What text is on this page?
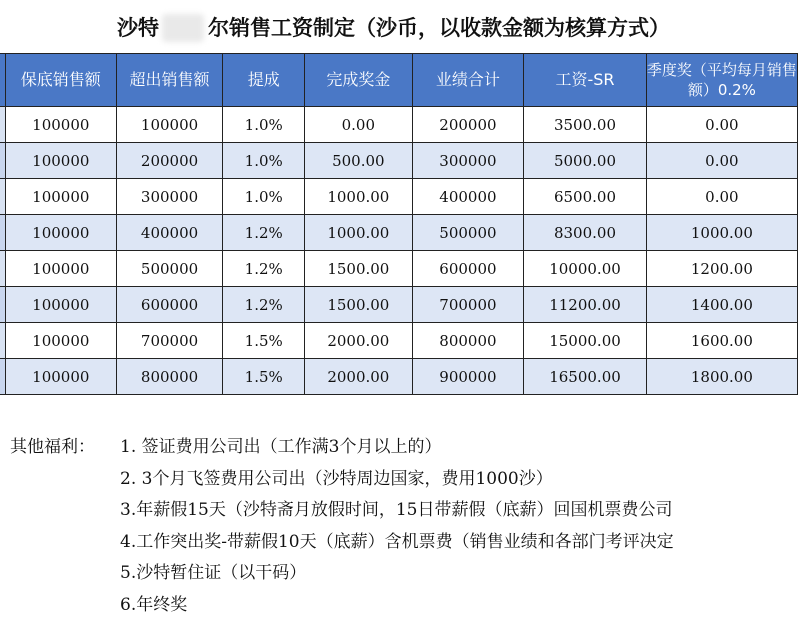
沙特 尔销售工资制定（沙币，以收款金额为核算方式）
	保底销售额	超出销售额	提成	完成奖金	业绩合计	工资-SR	季度奖（平均每月销售额）0.2%
	100000	100000	1.0%	0.00	200000	3500.00	0.00
	100000	200000	1.0%	500.00	300000	5000.00	0.00
	100000	300000	1.0%	1000.00	400000	6500.00	0.00
	100000	400000	1.2%	1000.00	500000	8300.00	1000.00
	100000	500000	1.2%	1500.00	600000	10000.00	1200.00
	100000	600000	1.2%	1500.00	700000	11200.00	1400.00
	100000	700000	1.5%	2000.00	800000	15000.00	1600.00
	100000	800000	1.5%	2000.00	900000	16500.00	1800.00
其他福利： 1. 签证费用公司出（工作满3个月以上的）
2. 3个月飞签费用公司出（沙特周边国家，费用1000沙）
3.年薪假15天（沙特斋月放假时间，15日带薪假（底薪）回国机票费公司
4.工作突出奖-带薪假10天（底薪）含机票费（销售业绩和各部门考评决定
5.沙特暂住证（以干码）
6.年终奖
